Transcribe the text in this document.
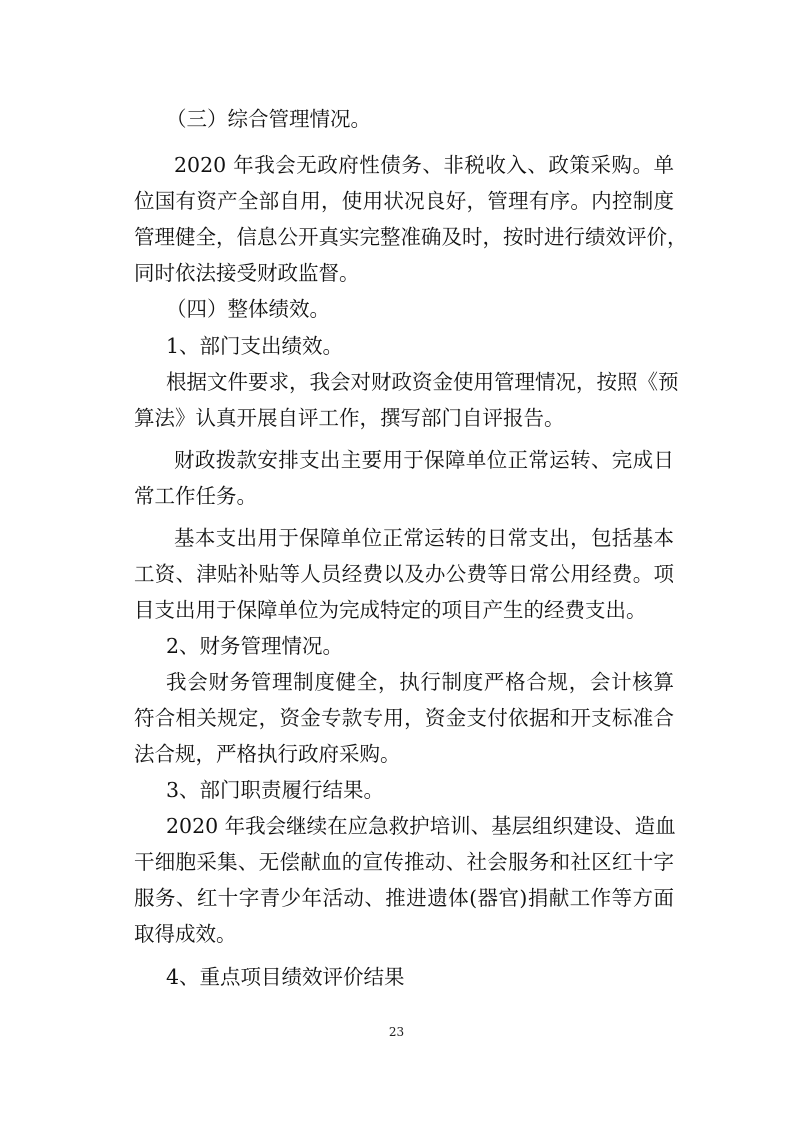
（三）综合管理情况。
2020 年我会无政府性债务、非税收入、政策采购。单
位国有资产全部自用，使用状况良好，管理有序。内控制度
管理健全，信息公开真实完整准确及时，按时进行绩效评价，
同时依法接受财政监督。
（四）整体绩效。
1、部门支出绩效。
根据文件要求，我会对财政资金使用管理情况，按照《预
算法》认真开展自评工作，撰写部门自评报告。
财政拨款安排支出主要用于保障单位正常运转、完成日
常工作任务。
基本支出用于保障单位正常运转的日常支出，包括基本
工资、津贴补贴等人员经费以及办公费等日常公用经费。项
目支出用于保障单位为完成特定的项目产生的经费支出。
2、财务管理情况。
我会财务管理制度健全，执行制度严格合规，会计核算
符合相关规定，资金专款专用，资金支付依据和开支标准合
法合规，严格执行政府采购。
3、部门职责履行结果。
2020 年我会继续在应急救护培训、基层组织建设、造血
干细胞采集、无偿献血的宣传推动、社会服务和社区红十字
服务、红十字青少年活动、推进遗体(器官)捐献工作等方面
取得成效。
4、重点项目绩效评价结果
23
